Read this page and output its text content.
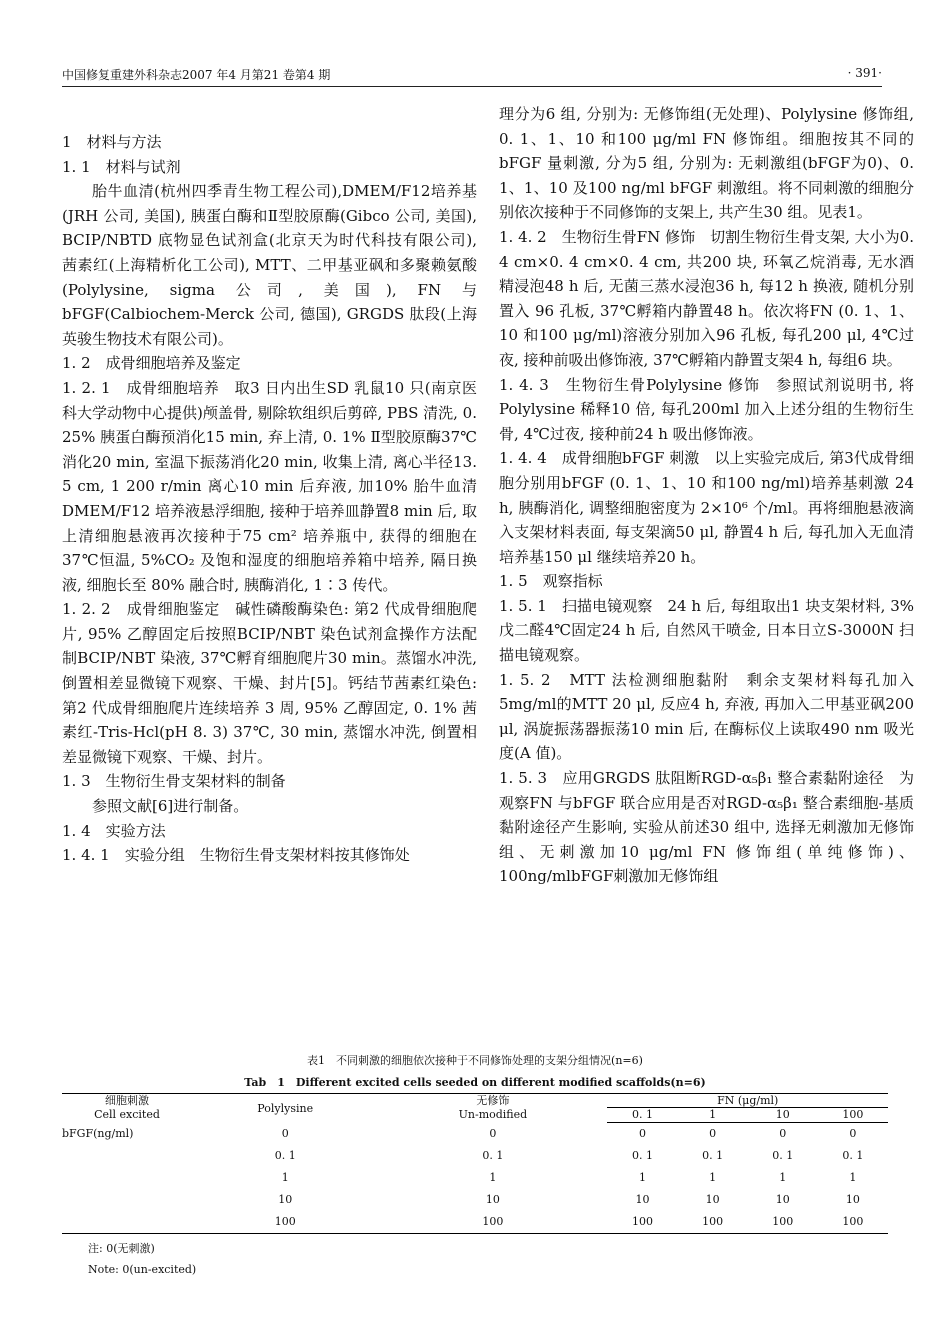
中国修复重建外科杂志2007 年4 月第21 卷第4 期	· 391·

1　材料与方法

1. 1　材料与试剂

胎牛血清(杭州四季青生物工程公司),DMEM/F12培养基(JRH 公司, 美国), 胰蛋白酶和Ⅱ型胶原酶(Gibco 公司, 美国), BCIP/NBTD 底物显色试剂盒(北京天为时代科技有限公司), 茜素红(上海精析化工公司), MTT、二甲基亚砜和多聚赖氨酸(Polylysine, sigma 公司, 美国), FN 与 bFGF(Calbiochem-Merck 公司, 德国), GRGDS 肽段(上海英骏生物技术有限公司)。

1. 2　成骨细胞培养及鉴定

1. 2. 1　成骨细胞培养　取3 日内出生SD 乳鼠10 只(南京医科大学动物中心提供)颅盖骨, 剔除软组织后剪碎, PBS 清洗, 0. 25% 胰蛋白酶预消化15 min, 弃上清, 0. 1% Ⅱ型胶原酶37℃消化20 min, 室温下振荡消化20 min, 收集上清, 离心半径13. 5 cm, 1 200 r/min 离心10 min 后弃液, 加10% 胎牛血清DMEM/F12 培养液悬浮细胞, 接种于培养皿静置8 min 后, 取上清细胞悬液再次接种于75 cm² 培养瓶中, 获得的细胞在37℃恒温, 5%CO₂ 及饱和湿度的细胞培养箱中培养, 隔日换液, 细胞长至 80% 融合时, 胰酶消化, 1∶3 传代。

1. 2. 2　成骨细胞鉴定　碱性磷酸酶染色: 第2 代成骨细胞爬片, 95% 乙醇固定后按照BCIP/NBT 染色试剂盒操作方法配制BCIP/NBT 染液, 37℃孵育细胞爬片30 min。蒸馏水冲洗, 倒置相差显微镜下观察、干燥、封片[5]。钙结节茜素红染色: 第2 代成骨细胞爬片连续培养 3 周, 95% 乙醇固定, 0. 1% 茜素红-Tris-Hcl(pH 8. 3) 37℃, 30 min, 蒸馏水冲洗, 倒置相差显微镜下观察、干燥、封片。

1. 3　生物衍生骨支架材料的制备

参照文献[6]进行制备。

1. 4　实验方法

1. 4. 1　实验分组　生物衍生骨支架材料按其修饰处

理分为6 组, 分别为: 无修饰组(无处理)、Polylysine 修饰组, 0. 1、1、10 和100 μg/ml FN 修饰组。细胞按其不同的bFGF 量刺激, 分为5 组, 分别为: 无刺激组(bFGF为0)、0. 1、1、10 及100 ng/ml bFGF 刺激组。将不同刺激的细胞分别依次接种于不同修饰的支架上, 共产生30 组。见表1。

1. 4. 2　生物衍生骨FN 修饰　切割生物衍生骨支架, 大小为0. 4 cm×0. 4 cm×0. 4 cm, 共200 块, 环氧乙烷消毒, 无水酒精浸泡48 h 后, 无菌三蒸水浸泡36 h, 每12 h 换液, 随机分别置入 96 孔板, 37℃孵箱内静置48 h。依次将FN (0. 1、1、10 和100 μg/ml)溶液分别加入96 孔板, 每孔200 μl, 4℃过夜, 接种前吸出修饰液, 37℃孵箱内静置支架4 h, 每组6 块。

1. 4. 3　生物衍生骨Polylysine 修饰　参照试剂说明书, 将Polylysine 稀释10 倍, 每孔200ml 加入上述分组的生物衍生骨, 4℃过夜, 接种前24 h 吸出修饰液。

1. 4. 4　成骨细胞bFGF 刺激　以上实验完成后, 第3代成骨细胞分别用bFGF (0. 1、1、10 和100 ng/ml)培养基刺激 24 h, 胰酶消化, 调整细胞密度为 2×10⁶ 个/ml。再将细胞悬液滴入支架材料表面, 每支架滴50 μl, 静置4 h 后, 每孔加入无血清培养基150 μl 继续培养20 h。

1. 5　观察指标

1. 5. 1　扫描电镜观察　24 h 后, 每组取出1 块支架材料, 3% 戊二醛4℃固定24 h 后, 自然风干喷金, 日本日立S-3000N 扫描电镜观察。

1. 5. 2　MTT 法检测细胞黏附　剩余支架材料每孔加入5mg/ml的MTT 20 μl, 反应4 h, 弃液, 再加入二甲基亚砜200 μl, 涡旋振荡器振荡10 min 后, 在酶标仪上读取490 nm 吸光度(A 值)。

1. 5. 3　应用GRGDS 肽阻断RGD-α₅β₁ 整合素黏附途径　为观察FN 与bFGF 联合应用是否对RGD-α₅β₁ 整合素细胞-基质黏附途径产生影响, 实验从前述30 组中, 选择无刺激加无修饰组、无刺激加10 μg/ml FN 修饰组(单纯修饰)、100ng/mlbFGF刺激加无修饰组

表1　不同刺激的细胞依次接种于不同修饰处理的支架分组情况(n=6)
Tab　1　Different excited cells seeded on different modified scaffolds(n=6)
细胞刺激
Cell excited	Polylysine	无修饰
Un-modified	FN (μg/ml)			
			0. 1	1	10	100
bFGF(ng/ml)	0	0	0	0	0	0
	0. 1	0. 1	0. 1	0. 1	0. 1	0. 1
	1	1	1	1	1	1
	10	10	10	10	10	10
	100	100	100	100	100	100
注: 0(无刺激)
Note: 0(un-excited)
